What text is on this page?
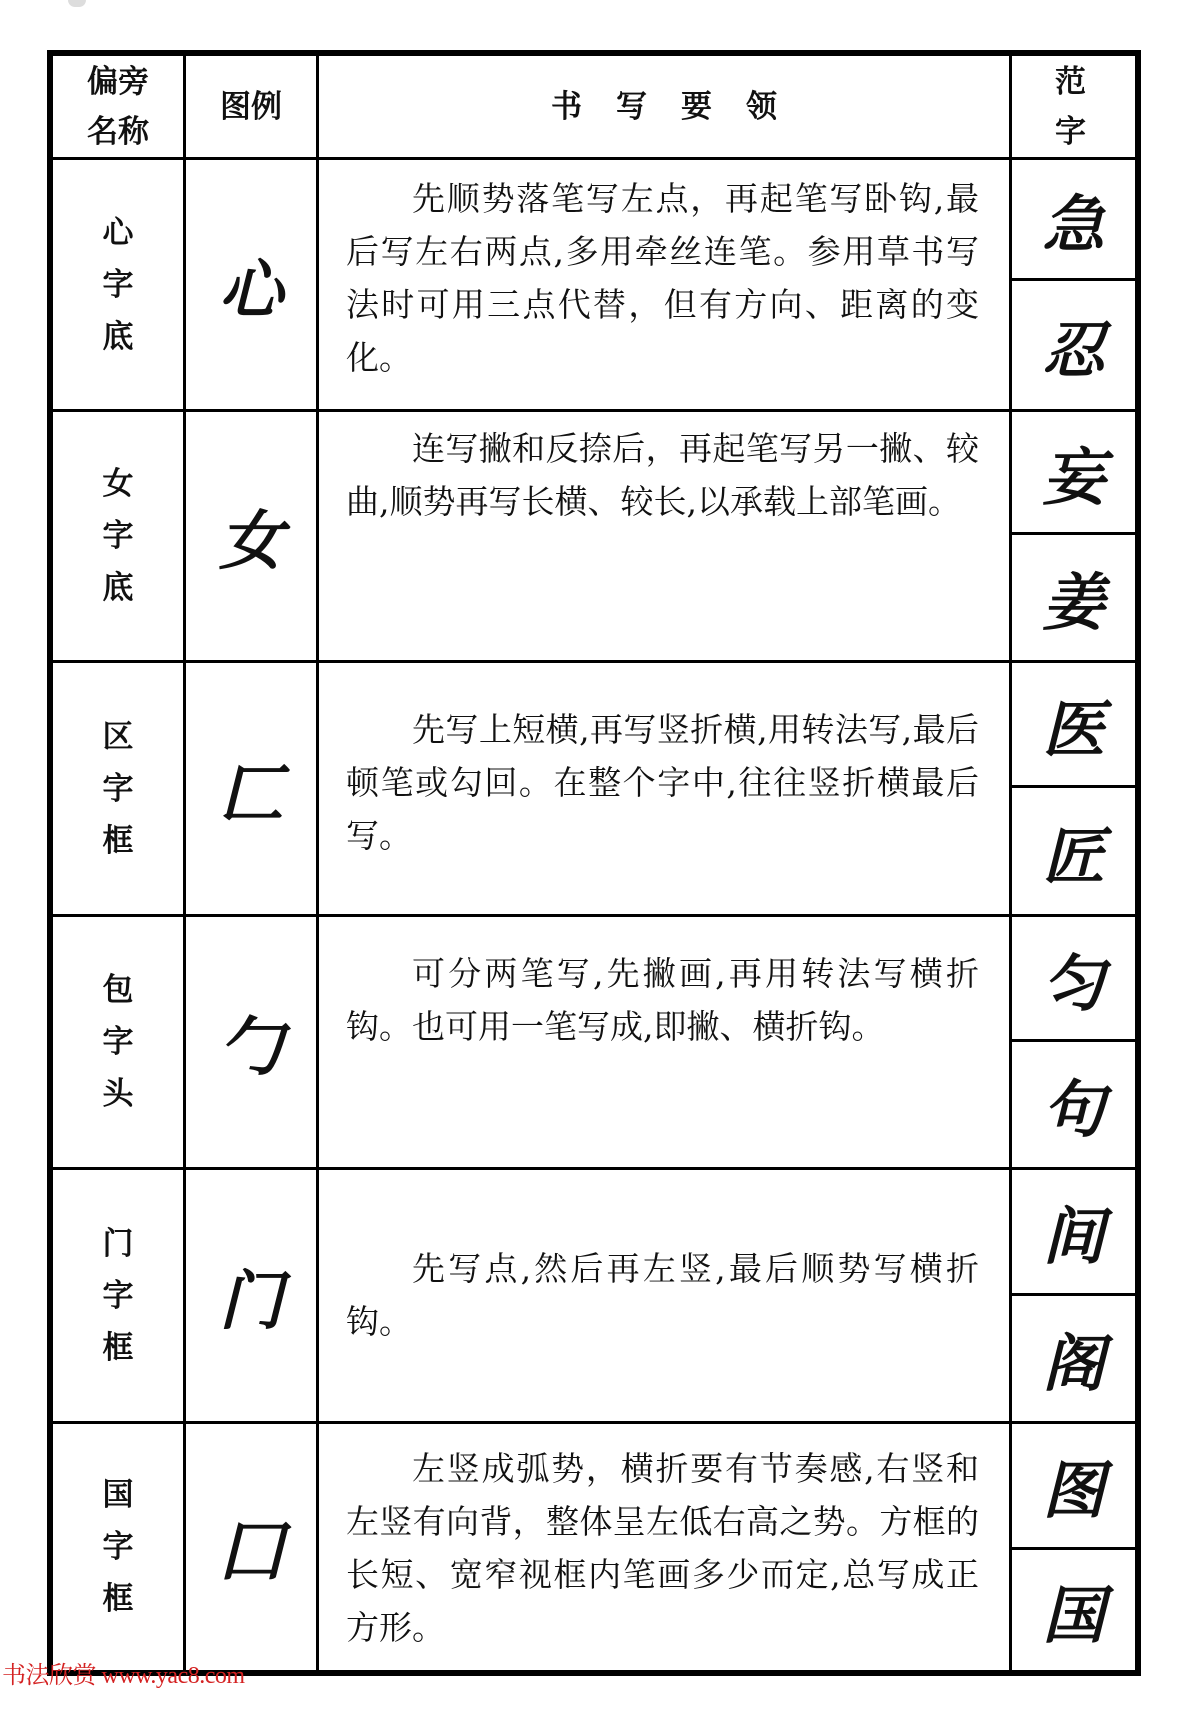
偏旁
名称
图例	书写要领
范字
心
字
底
心

先顺势落笔写左点，再起笔写卧钩,最后写左右两点,多用牵丝连笔。参用草书写法时可用三点代替，但有方向、距离的变化。

女
字
底
女

连写撇和反捺后，再起笔写另一撇、较曲,顺势再写长横、较长,以承载上部笔画。

区
字
框
匚

先写上短横,再写竖折横,用转法写,最后顿笔或勾回。在整个字中,往往竖折横最后写。

包
字
头
勹

可分两笔写,先撇画,再用转法写横折钩。也可用一笔写成,即撇、横折钩。

门
字
框
门	先写点,然后再左竖,最后顺势写横折钩。

国
字
框
囗

左竖成弧势，横折要有节奏感,右竖和左竖有向背，整体呈左低右高之势。方框的长短、宽窄视框内笔画多少而定,总写成正方形。

急
忍
妄
姜
医
匠
匀
句
间
阁
图
国
书法欣赏 www.yac8.com
